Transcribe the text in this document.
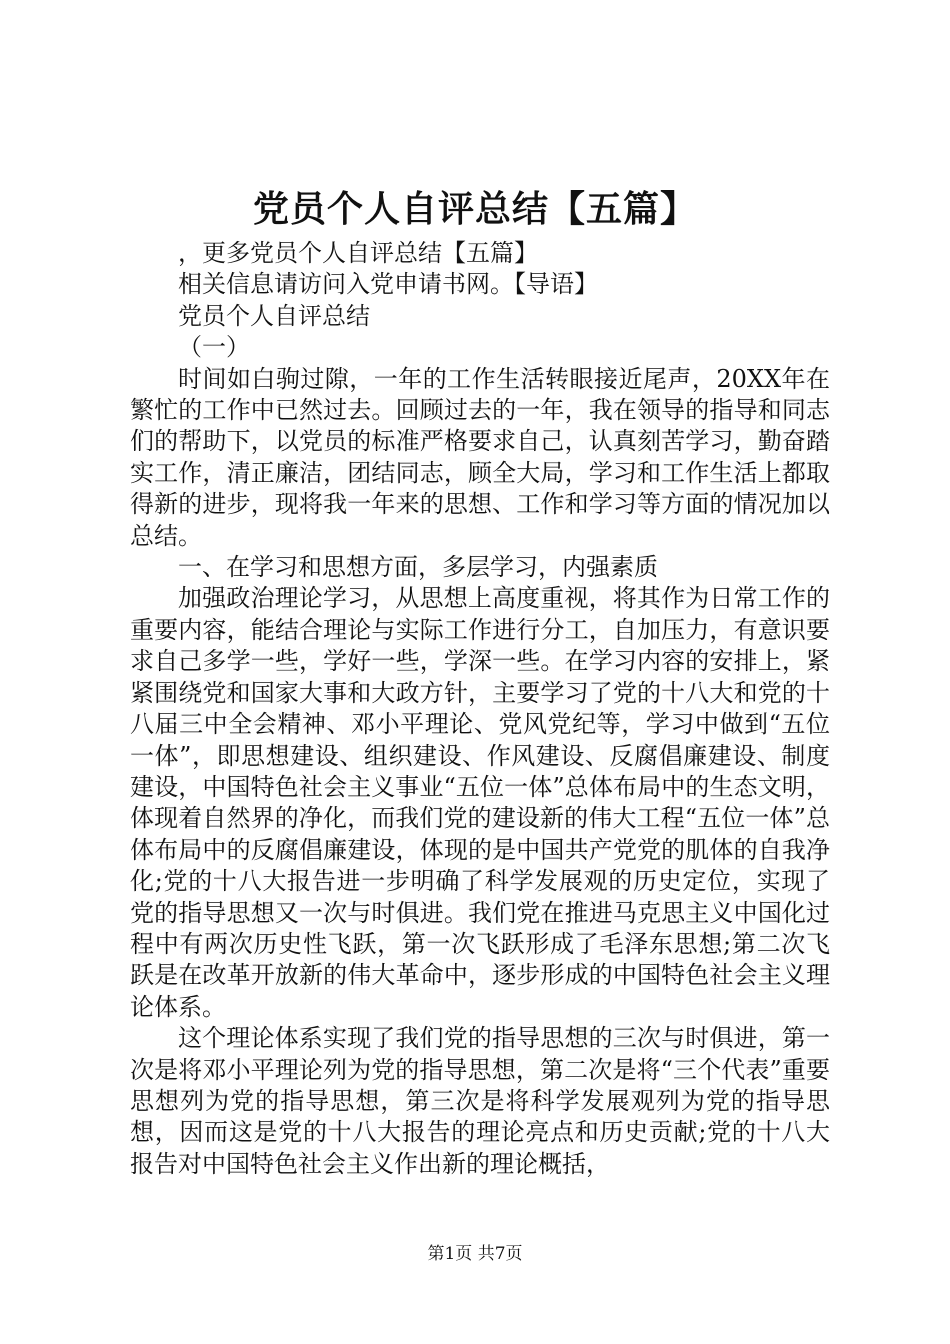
党员个人自评总结【五篇】

，更多党员个人自评总结【五篇】

相关信息请访问入党申请书网。【导语】

党员个人自评总结

（一）

时间如白驹过隙，一年的工作生活转眼接近尾声，20XX年在繁忙的工作中已然过去。回顾过去的一年，我在领导的指导和同志们的帮助下，以党员的标准严格要求自己，认真刻苦学习，勤奋踏实工作，清正廉洁，团结同志，顾全大局，学习和工作生活上都取得新的进步，现将我一年来的思想、工作和学习等方面的情况加以总结。

一、在学习和思想方面，多层学习，内强素质

加强政治理论学习，从思想上高度重视，将其作为日常工作的重要内容，能结合理论与实际工作进行分工，自加压力，有意识要求自己多学一些，学好一些，学深一些。在学习内容的安排上，紧紧围绕党和国家大事和大政方针，主要学习了党的十八大和党的十八届三中全会精神、邓小平理论、党风党纪等，学习中做到“五位一体”，即思想建设、组织建设、作风建设、反腐倡廉建设、制度建设，中国特色社会主义事业“五位一体”总体布局中的生态文明，体现着自然界的净化，而我们党的建设新的伟大工程“五位一体”总体布局中的反腐倡廉建设，体现的是中国共产党党的肌体的自我净化;党的十八大报告进一步明确了科学发展观的历史定位，实现了党的指导思想又一次与时俱进。我们党在推进马克思主义中国化过程中有两次历史性飞跃，第一次飞跃形成了毛泽东思想;第二次飞跃是在改革开放新的伟大革命中，逐步形成的中国特色社会主义理论体系。

这个理论体系实现了我们党的指导思想的三次与时俱进，第一次是将邓小平理论列为党的指导思想，第二次是将“三个代表”重要思想列为党的指导思想，第三次是将科学发展观列为党的指导思想，因而这是党的十八大报告的理论亮点和历史贡献;党的十八大报告对中国特色社会主义作出新的理论概括，

第1页 共7页
